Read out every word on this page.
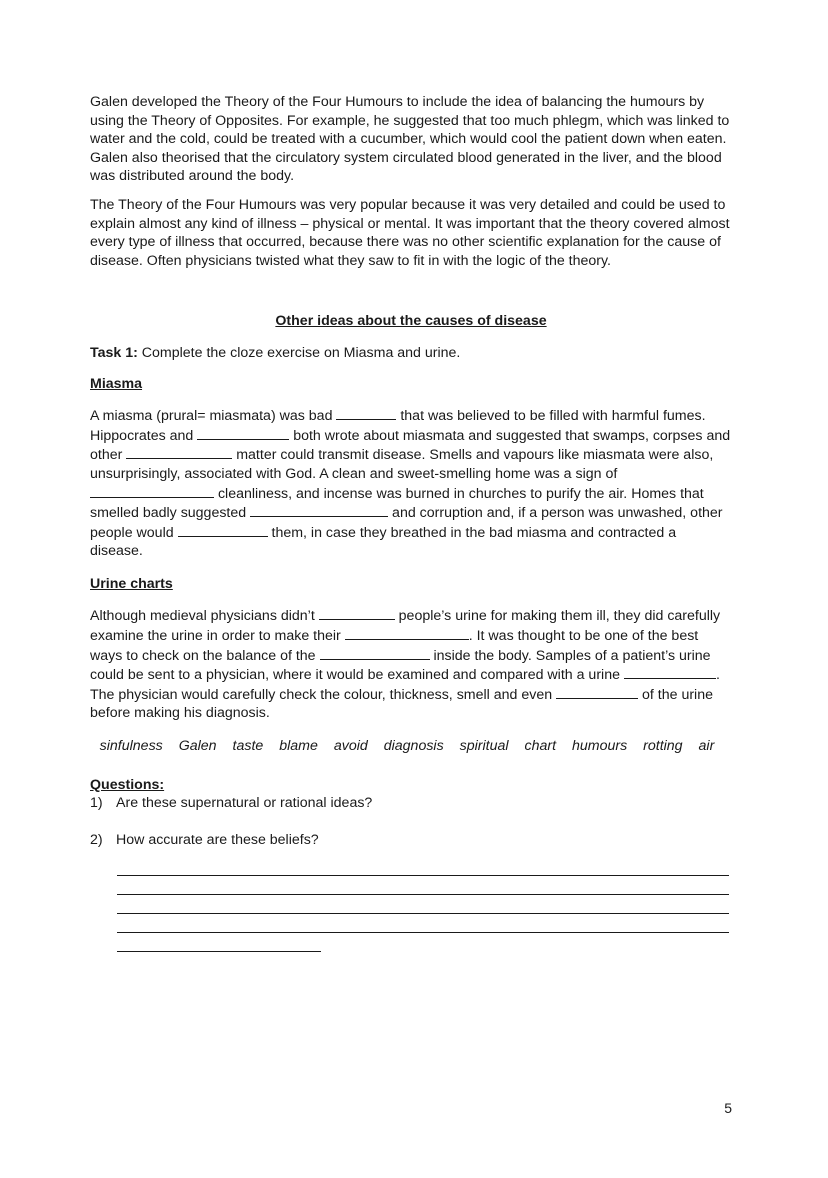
Galen developed the Theory of the Four Humours to include the idea of balancing the humours by using the Theory of Opposites. For example, he suggested that too much phlegm, which was linked to water and the cold, could be treated with a cucumber, which would cool the patient down when eaten. Galen also theorised that the circulatory system circulated blood generated in the liver, and the blood was distributed around the body.

The Theory of the Four Humours was very popular because it was very detailed and could be used to explain almost any kind of illness – physical or mental. It was important that the theory covered almost every type of illness that occurred, because there was no other scientific explanation for the cause of disease. Often physicians twisted what they saw to fit in with the logic of the theory.

Other ideas about the causes of disease

Task 1: Complete the cloze exercise on Miasma and urine.

Miasma

A miasma (prural= miasmata) was bad	that was believed to be filled with harmful fumes. Hippocrates and	both wrote about miasmata and suggested that swamps, corpses and other	matter could transmit disease. Smells and vapours like miasmata were also, unsurprisingly, associated with God. A clean and sweet-smelling home was a sign of  cleanliness, and incense was burned in churches to purify the air. Homes that smelled badly suggested	and corruption and, if a person was unwashed, other people would	them, in case they breathed in the bad miasma and contracted a disease.

Urine charts

Although medieval physicians didn’t	people’s urine for making them ill, they did carefully examine the urine in order to make their	. It was thought to be one of the best ways to check on the balance of the	inside the body. Samples of a patient’s urine could be sent to a physician, where it would be examined and compared with a urine	. The physician would carefully check the colour, thickness, smell and even	of the urine before making his diagnosis.

sinfulness Galen taste blame avoid diagnosis spiritual chart humours rotting air

Questions:

1) Are these supernatural or rational ideas?

2) How accurate are these beliefs?

5
